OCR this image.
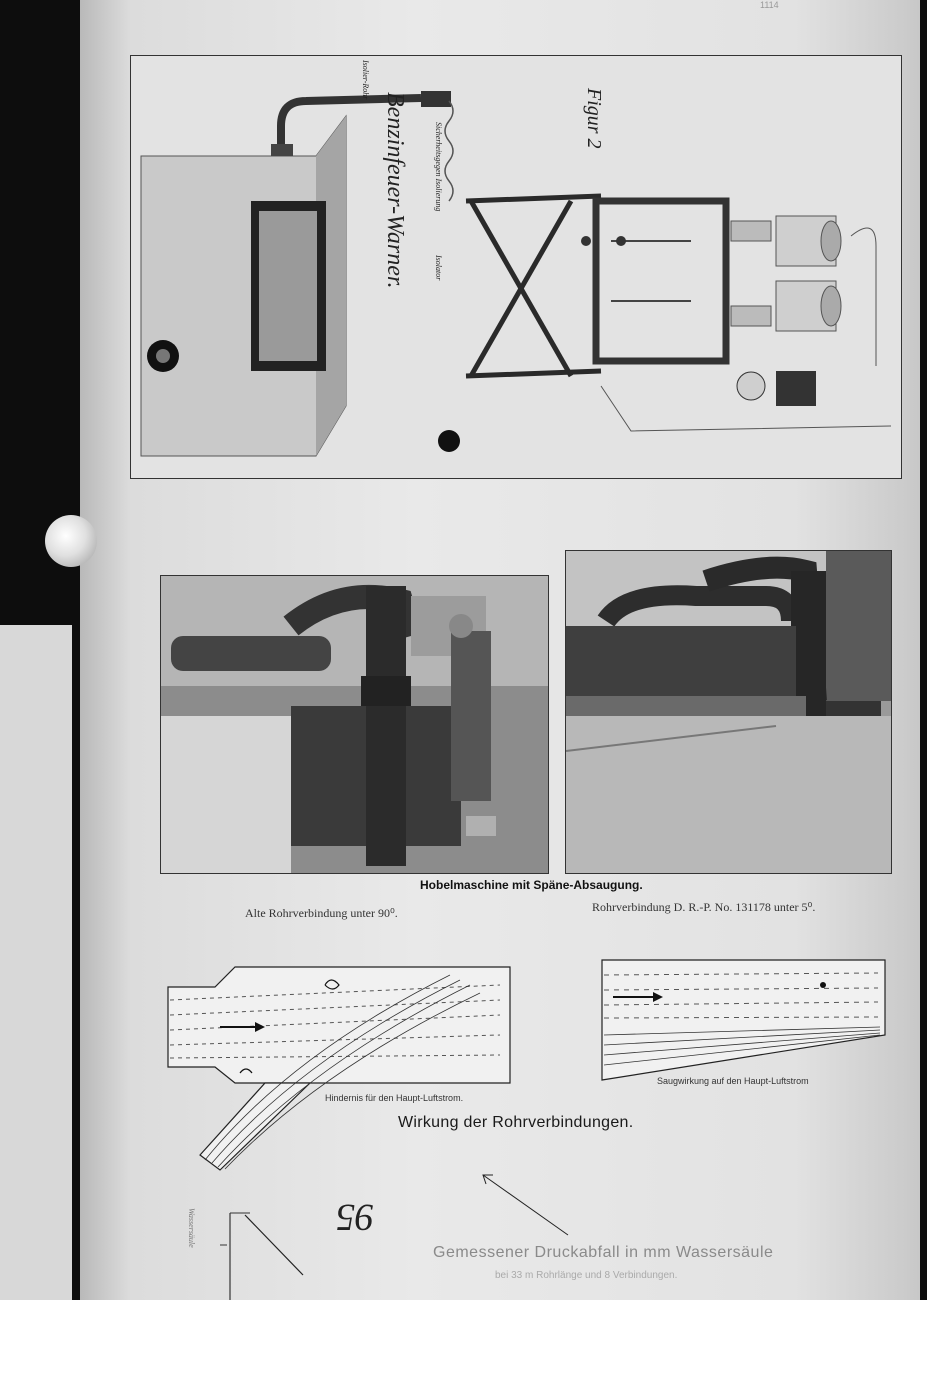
1114
Benzinfeuer-Warner.	Figur 2
Isolier-Rohr
Sicherheitsgegen Isolierung
Isolator
Hobelmaschine mit Späne-Absaugung.
Alte Rohrverbindung unter 90⁰.	Rohrverbindung D. R.-P. No. 131178 unter 5⁰.
Hindernis für den Haupt-Luftstrom.
Saugwirkung auf den Haupt-Luftstrom
Wirkung der Rohrverbindungen.
95
Wassersäule
Gemessener Druckabfall in mm Wassersäule
bei 33 m Rohrlänge und 8 Verbindungen.
